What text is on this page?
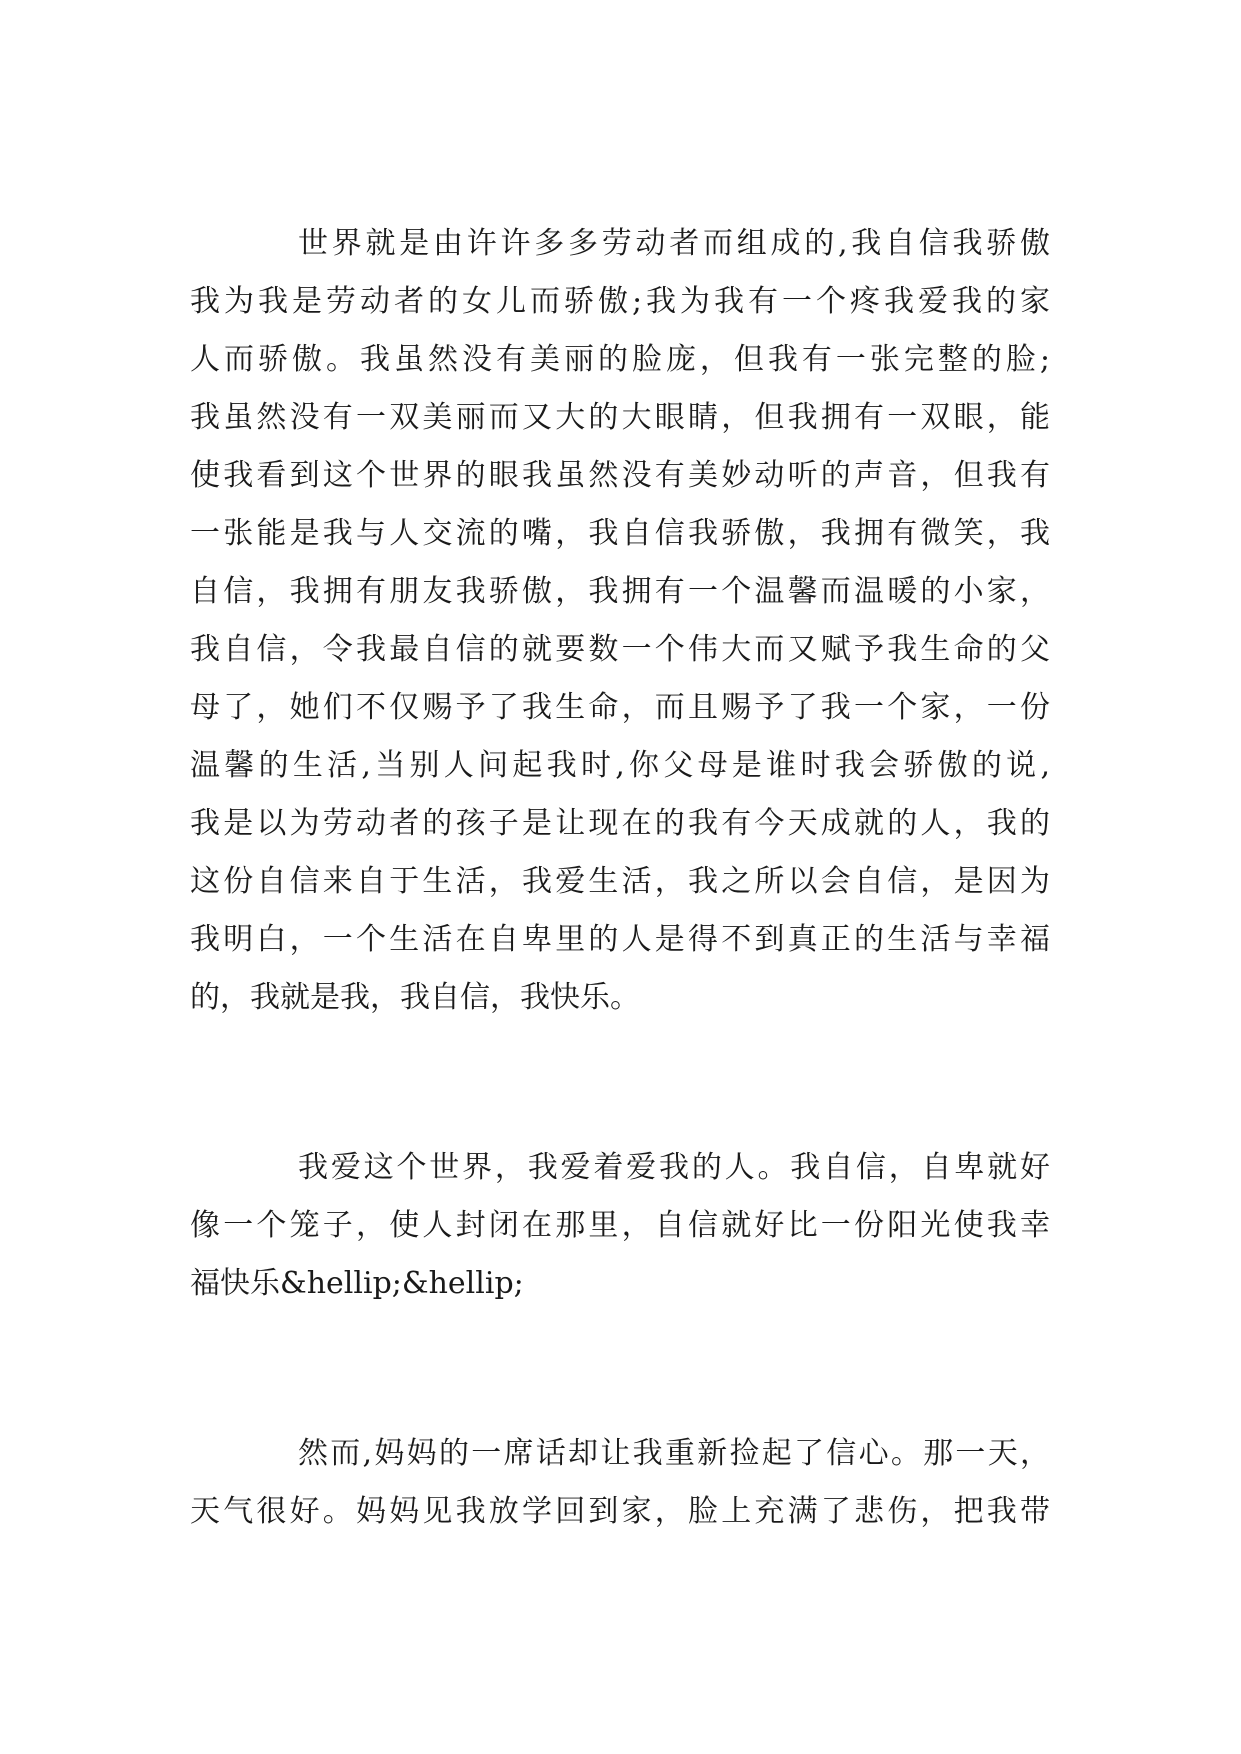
世界就是由许许多多劳动者而组成的,我自信我骄傲
我为我是劳动者的女儿而骄傲;我为我有一个疼我爱我的家
人而骄傲。我虽然没有美丽的脸庞，但我有一张完整的脸;
我虽然没有一双美丽而又大的大眼睛，但我拥有一双眼，能
使我看到这个世界的眼我虽然没有美妙动听的声音，但我有
一张能是我与人交流的嘴，我自信我骄傲，我拥有微笑，我
自信，我拥有朋友我骄傲，我拥有一个温馨而温暖的小家，
我自信，令我最自信的就要数一个伟大而又赋予我生命的父
母了，她们不仅赐予了我生命，而且赐予了我一个家，一份
温馨的生活,当别人问起我时,你父母是谁时我会骄傲的说,
我是以为劳动者的孩子是让现在的我有今天成就的人，我的
这份自信来自于生活，我爱生活，我之所以会自信，是因为
我明白，一个生活在自卑里的人是得不到真正的生活与幸福
的，我就是我，我自信，我快乐。
我爱这个世界，我爱着爱我的人。我自信，自卑就好
像一个笼子，使人封闭在那里，自信就好比一份阳光使我幸
福快乐&hellip;&hellip;
然而,妈妈的一席话却让我重新捡起了信心。那一天，
天气很好。妈妈见我放学回到家，脸上充满了悲伤，把我带
